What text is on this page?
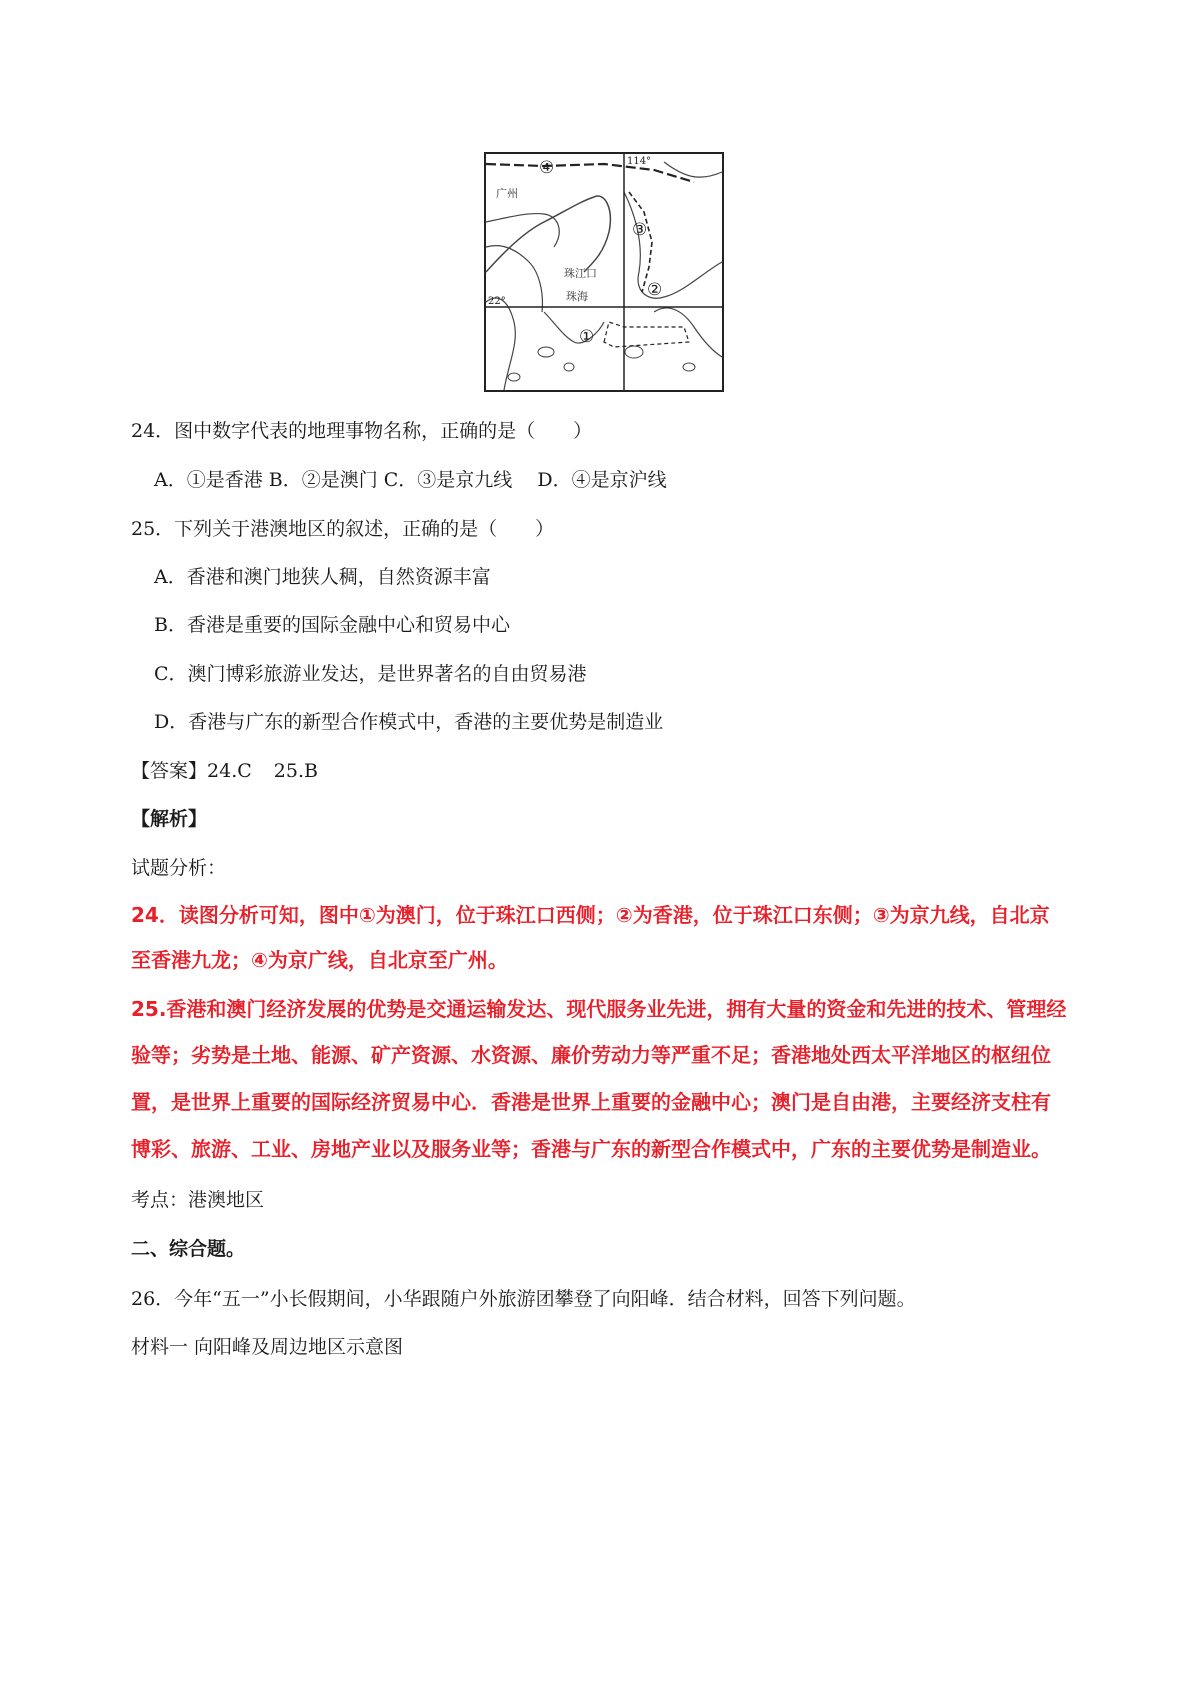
114°
22°
广州
珠江口
珠海
④
③
②
①
24．图中数字代表的地理事物名称，正确的是（　　）
A．①是香港 B．②是澳门 C．③是京九线　 D．④是京沪线
25．下列关于港澳地区的叙述，正确的是（　　）
A．香港和澳门地狭人稠，自然资源丰富
B．香港是重要的国际金融中心和贸易中心
C．澳门博彩旅游业发达，是世界著名的自由贸易港
D．香港与广东的新型合作模式中，香港的主要优势是制造业
【答案】24.C 25.B
【解析】
试题分析：
24．读图分析可知，图中①为澳门，位于珠江口西侧；②为香港，位于珠江口东侧；③为京九线，自北京
至香港九龙；④为京广线，自北京至广州。
25.香港和澳门经济发展的优势是交通运输发达、现代服务业先进，拥有大量的资金和先进的技术、管理经
验等；劣势是土地、能源、矿产资源、水资源、廉价劳动力等严重不足；香港地处西太平洋地区的枢纽位
置，是世界上重要的国际经济贸易中心．香港是世界上重要的金融中心；澳门是自由港，主要经济支柱有
博彩、旅游、工业、房地产业以及服务业等；香港与广东的新型合作模式中，广东的主要优势是制造业。
考点：港澳地区
二、综合题。
26．今年“五一”小长假期间，小华跟随户外旅游团攀登了向阳峰．结合材料，回答下列问题。
材料一 向阳峰及周边地区示意图
